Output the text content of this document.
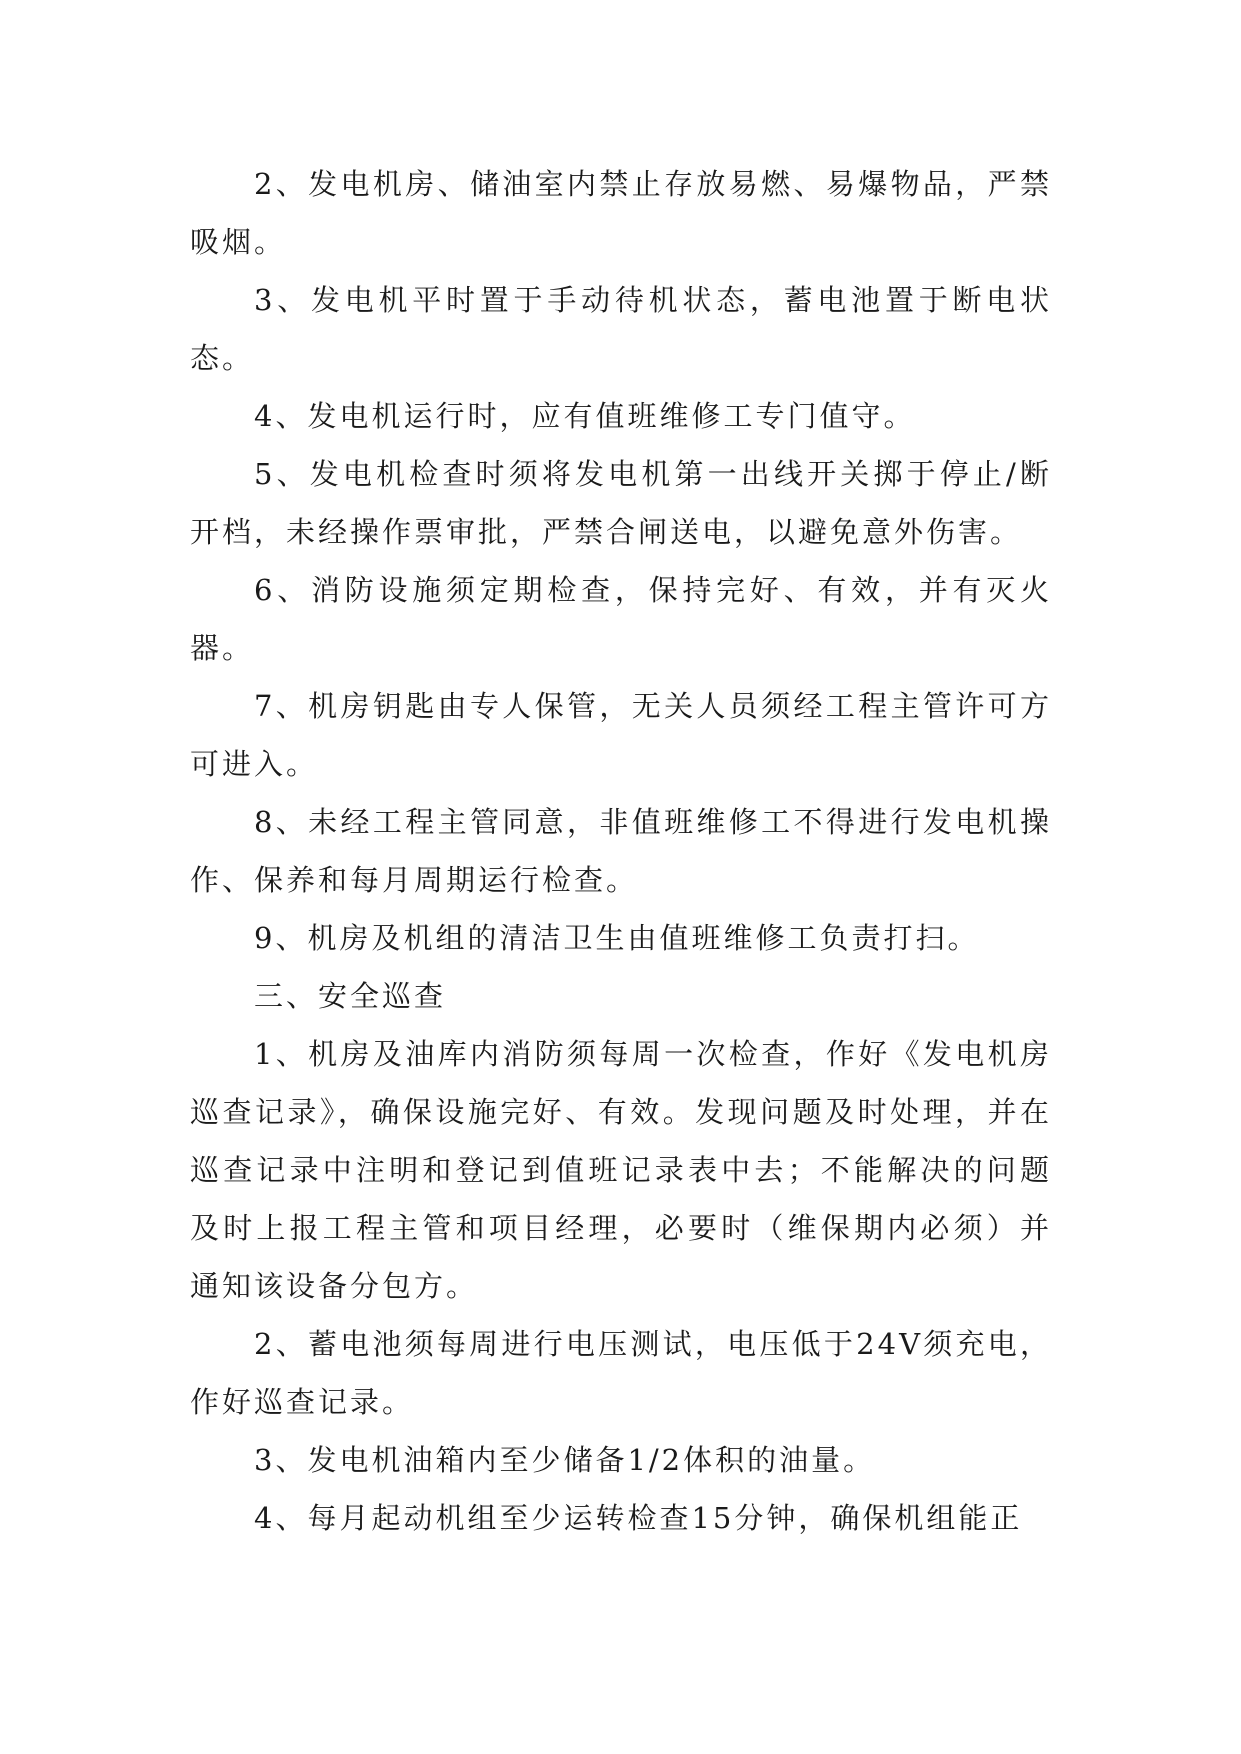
2、发电机房、储油室内禁止存放易燃、易爆物品，严禁吸烟。

3、发电机平时置于手动待机状态，蓄电池置于断电状态。

4、发电机运行时，应有值班维修工专门值守。

5、发电机检查时须将发电机第一出线开关掷于停止/断开档，未经操作票审批，严禁合闸送电，以避免意外伤害。

6、消防设施须定期检查，保持完好、有效，并有灭火器。

7、机房钥匙由专人保管，无关人员须经工程主管许可方可进入。

8、未经工程主管同意，非值班维修工不得进行发电机操作、保养和每月周期运行检查。

9、机房及机组的清洁卫生由值班维修工负责打扫。

三、安全巡查

1、机房及油库内消防须每周一次检查，作好《发电机房巡查记录》，确保设施完好、有效。发现问题及时处理，并在巡查记录中注明和登记到值班记录表中去；不能解决的问题及时上报工程主管和项目经理，必要时（维保期内必须）并通知该设备分包方。

2、蓄电池须每周进行电压测试，电压低于24V须充电，作好巡查记录。

3、发电机油箱内至少储备1/2体积的油量。

4、每月起动机组至少运转检查15分钟，确保机组能正
